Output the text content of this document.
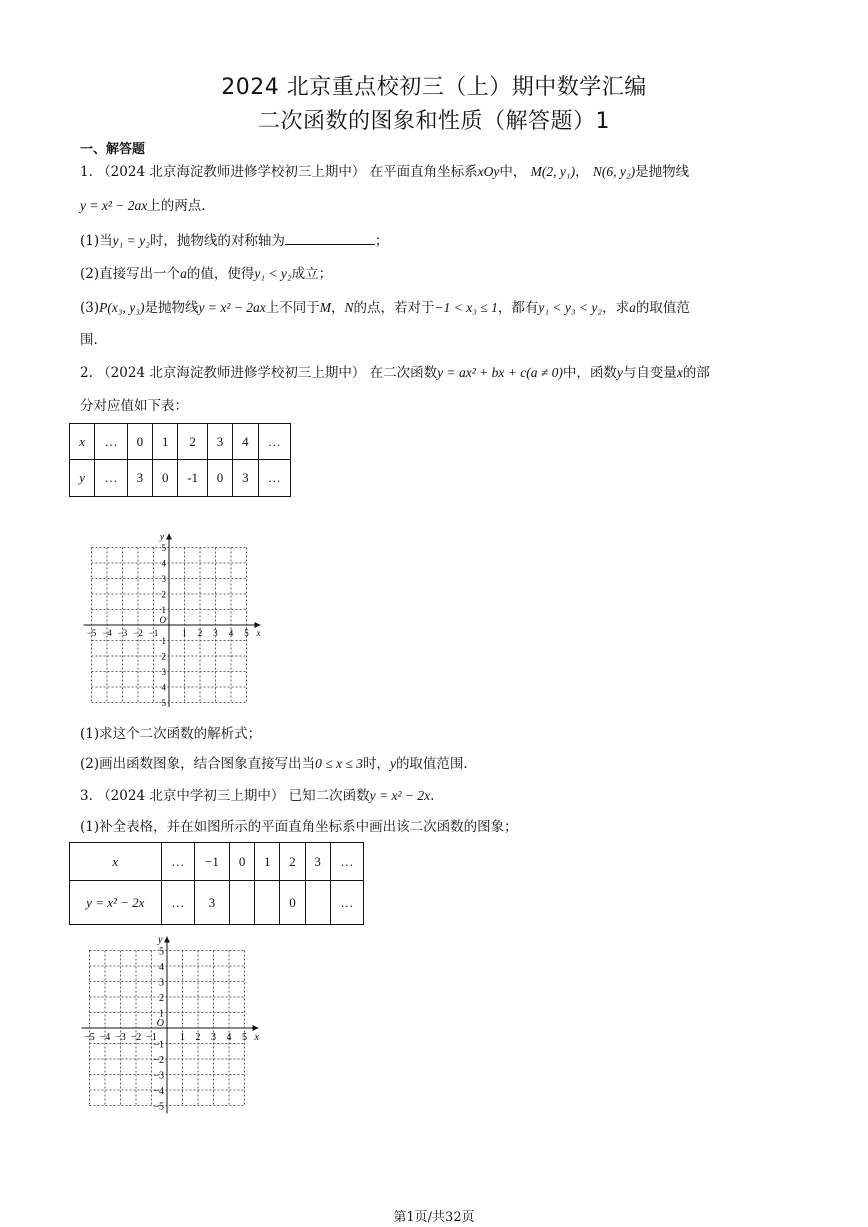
2024 北京重点校初三（上）期中数学汇编
二次函数的图象和性质（解答题）1
一、解答题
1. （2024 北京海淀教师进修学校初三上期中） 在平面直角坐标系xOy中， M(2, y₁)， N(6, y₂)是抛物线
y = x² − 2ax上的两点.
(1)当y₁ = y₂时，抛物线的对称轴为	；
(2)直接写出一个a的值，使得y₁ < y₂成立；
(3)P(x₃, y₃)是抛物线y = x² − 2ax上不同于M，N的点，若对于−1 < x₃ ≤ 1，都有y₁ < y₃ < y₂，求a的取值范
围.
2. （2024 北京海淀教师进修学校初三上期中） 在二次函数y = ax² + bx + c(a ≠ 0)中，函数y与自变量x的部
分对应值如下表：
x	…	0	1	2	3	4	…
y	…	3	0	-1	0	3	…
−5 −4 −3 −2 −1	1 2 3 4 5
5
4
3
2
1
1
2
3
4
5
O
x
y
(1)求这个二次函数的解析式；
(2)画出函数图象，结合图象直接写出当0 ≤ x ≤ 3时，y的取值范围.
3. （2024 北京中学初三上期中） 已知二次函数y = x² − 2x.
(1)补全表格，并在如图所示的平面直角坐标系中画出该二次函数的图象；
x	…	−1	0	1	2	3	…
y = x² − 2x	…	3			0		…
−5 −4 −3 −2 −1 1 2 3 4 5
5
4
3
2
1
−1
−2
−3
−4
−5
O
x
y
第1页/共32页
